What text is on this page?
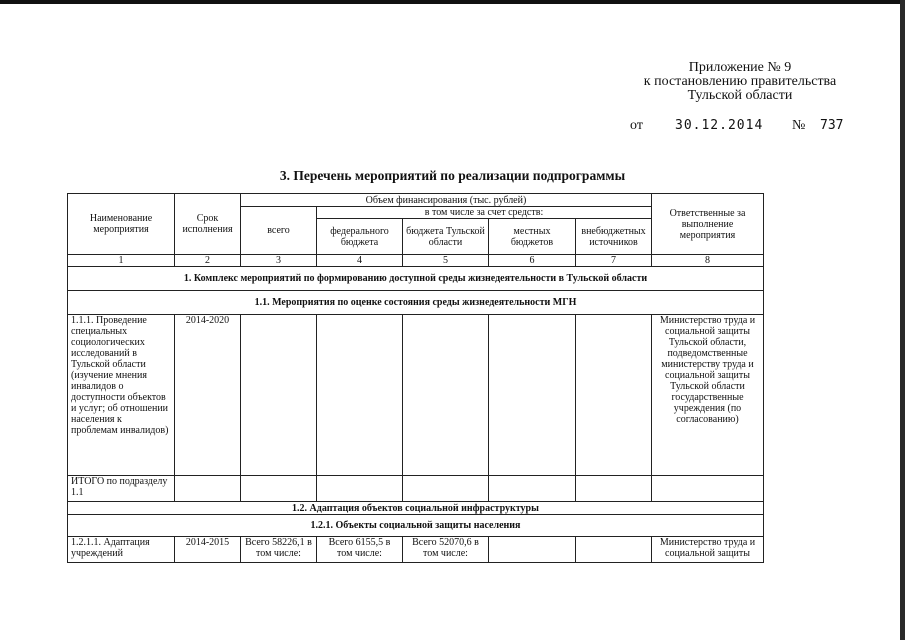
Приложение № 9
к постановлению правительства
Тульской области
от 30.12.2014 № 737
3. Перечень мероприятий по реализации подпрограммы
Наименование мероприятия	Срок исполнения	Объем финансирования (тыс. рублей)					Ответственные за выполнение мероприятия
		всего	в том числе за счет средств:				
			федерального бюджета	бюджета Тульской области	местных бюджетов	внебюджетных источников	
1	2	3	4	5	6	7	8
1. Комплекс мероприятий по формированию доступной среды жизнедеятельности в Тульской области							
1.1. Мероприятия по оценке состояния среды жизнедеятельности МГН							
1.1.1. Проведение специальных социологических исследований в Тульской области (изучение мнения инвалидов о доступности объектов и услуг; об отношении населения к проблемам инвалидов)	2014-2020						Министерство труда и социальной защиты Тульской области, подведомственные министерству труда и социальной защиты Тульской области государственные учреждения (по согласованию)
ИТОГО по подразделу 1.1							
1.2. Адаптация объектов социальной инфраструктуры							
1.2.1. Объекты социальной защиты населения							
1.2.1.1. Адаптация учреждений	2014-2015	Всего 58226,1 в том числе:	Всего 6155,5 в том числе:	Всего 52070,6 в том числе:			Министерство труда и социальной защиты
